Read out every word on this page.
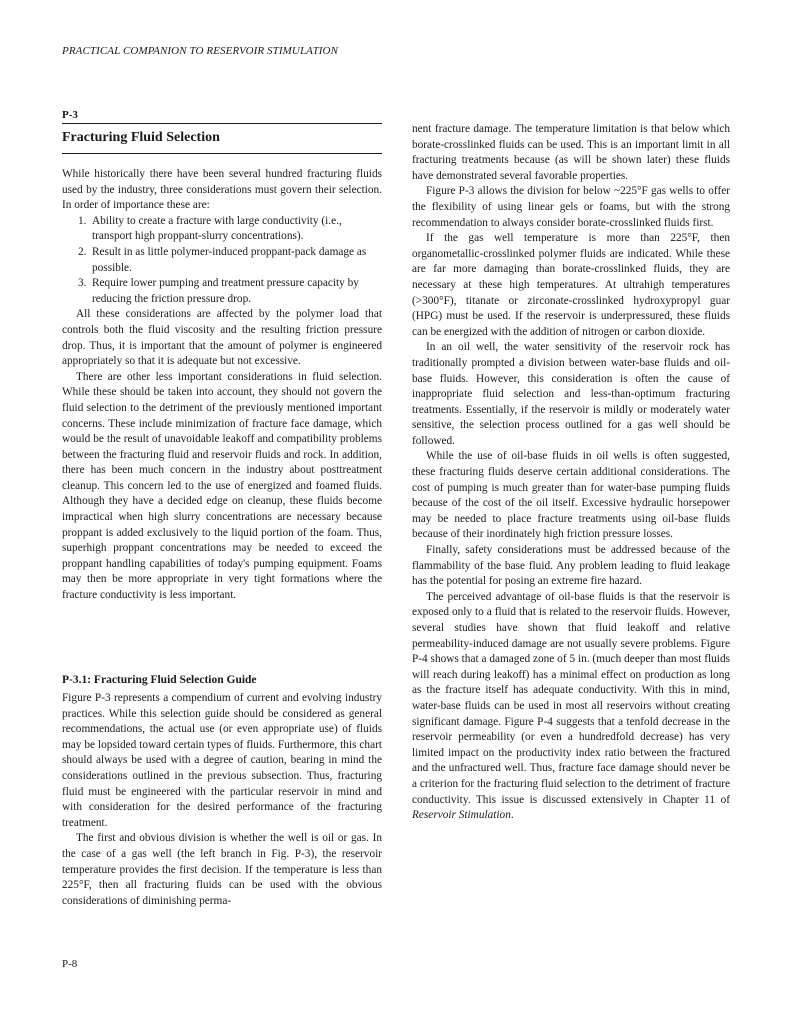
PRACTICAL COMPANION TO RESERVOIR STIMULATION
P-3
Fracturing Fluid Selection

While historically there have been several hundred fracturing fluids used by the industry, three considerations must govern their selection. In order of importance these are:

1. Ability to create a fracture with large conductivity (i.e., transport high proppant-slurry concentrations).
2. Result in as little polymer-induced proppant-pack damage as possible.
3. Require lower pumping and treatment pressure capacity by reducing the friction pressure drop.

All these considerations are affected by the polymer load that controls both the fluid viscosity and the resulting friction pressure drop. Thus, it is important that the amount of polymer is engineered appropriately so that it is adequate but not excessive.

There are other less important considerations in fluid selection. While these should be taken into account, they should not govern the fluid selection to the detriment of the previously mentioned important concerns. These include minimization of fracture face damage, which would be the result of unavoidable leakoff and compatibility problems between the fracturing fluid and reservoir fluids and rock. In addition, there has been much concern in the industry about posttreatment cleanup. This concern led to the use of energized and foamed fluids. Although they have a decided edge on cleanup, these fluids become impractical when high slurry concentrations are necessary because proppant is added exclusively to the liquid portion of the foam. Thus, superhigh proppant concentrations may be needed to exceed the proppant handling capabilities of today's pumping equipment. Foams may then be more appropriate in very tight formations where the fracture conductivity is less important.

P-3.1: Fracturing Fluid Selection Guide

Figure P-3 represents a compendium of current and evolving industry practices. While this selection guide should be considered as general recommendations, the actual use (or even appropriate use) of fluids may be lopsided toward certain types of fluids. Furthermore, this chart should always be used with a degree of caution, bearing in mind the considerations outlined in the previous subsection. Thus, fracturing fluid must be engineered with the particular reservoir in mind and with consideration for the desired performance of the fracturing treatment.

The first and obvious division is whether the well is oil or gas. In the case of a gas well (the left branch in Fig. P-3), the reservoir temperature provides the first decision. If the temperature is less than 225°F, then all fracturing fluids can be used with the obvious considerations of diminishing perma-

nent fracture damage. The temperature limitation is that below which borate-crosslinked fluids can be used. This is an important limit in all fracturing treatments because (as will be shown later) these fluids have demonstrated several favorable properties.

Figure P-3 allows the division for below ~225°F gas wells to offer the flexibility of using linear gels or foams, but with the strong recommendation to always consider borate-crosslinked fluids first.

If the gas well temperature is more than 225°F, then organometallic-crosslinked polymer fluids are indicated. While these are far more damaging than borate-crosslinked fluids, they are necessary at these high temperatures. At ultrahigh temperatures (>300°F), titanate or zirconate-crosslinked hydroxypropyl guar (HPG) must be used. If the reservoir is underpressured, these fluids can be energized with the addition of nitrogen or carbon dioxide.

In an oil well, the water sensitivity of the reservoir rock has traditionally prompted a division between water-base fluids and oil-base fluids. However, this consideration is often the cause of inappropriate fluid selection and less-than-optimum fracturing treatments. Essentially, if the reservoir is mildly or moderately water sensitive, the selection process outlined for a gas well should be followed.

While the use of oil-base fluids in oil wells is often suggested, these fracturing fluids deserve certain additional considerations. The cost of pumping is much greater than for water-base pumping fluids because of the cost of the oil itself. Excessive hydraulic horsepower may be needed to place fracture treatments using oil-base fluids because of their inordinately high friction pressure losses.

Finally, safety considerations must be addressed because of the flammability of the base fluid. Any problem leading to fluid leakage has the potential for posing an extreme fire hazard.

The perceived advantage of oil-base fluids is that the reservoir is exposed only to a fluid that is related to the reservoir fluids. However, several studies have shown that fluid leakoff and relative permeability-induced damage are not usually severe problems. Figure P-4 shows that a damaged zone of 5 in. (much deeper than most fluids will reach during leakoff) has a minimal effect on production as long as the fracture itself has adequate conductivity. With this in mind, water-base fluids can be used in most all reservoirs without creating significant damage. Figure P-4 suggests that a tenfold decrease in the reservoir permeability (or even a hundredfold decrease) has very limited impact on the productivity index ratio between the fractured and the unfractured well. Thus, fracture face damage should never be a criterion for the fracturing fluid selection to the detriment of fracture conductivity. This issue is discussed extensively in Chapter 11 of Reservoir Stimulation.

P-8
